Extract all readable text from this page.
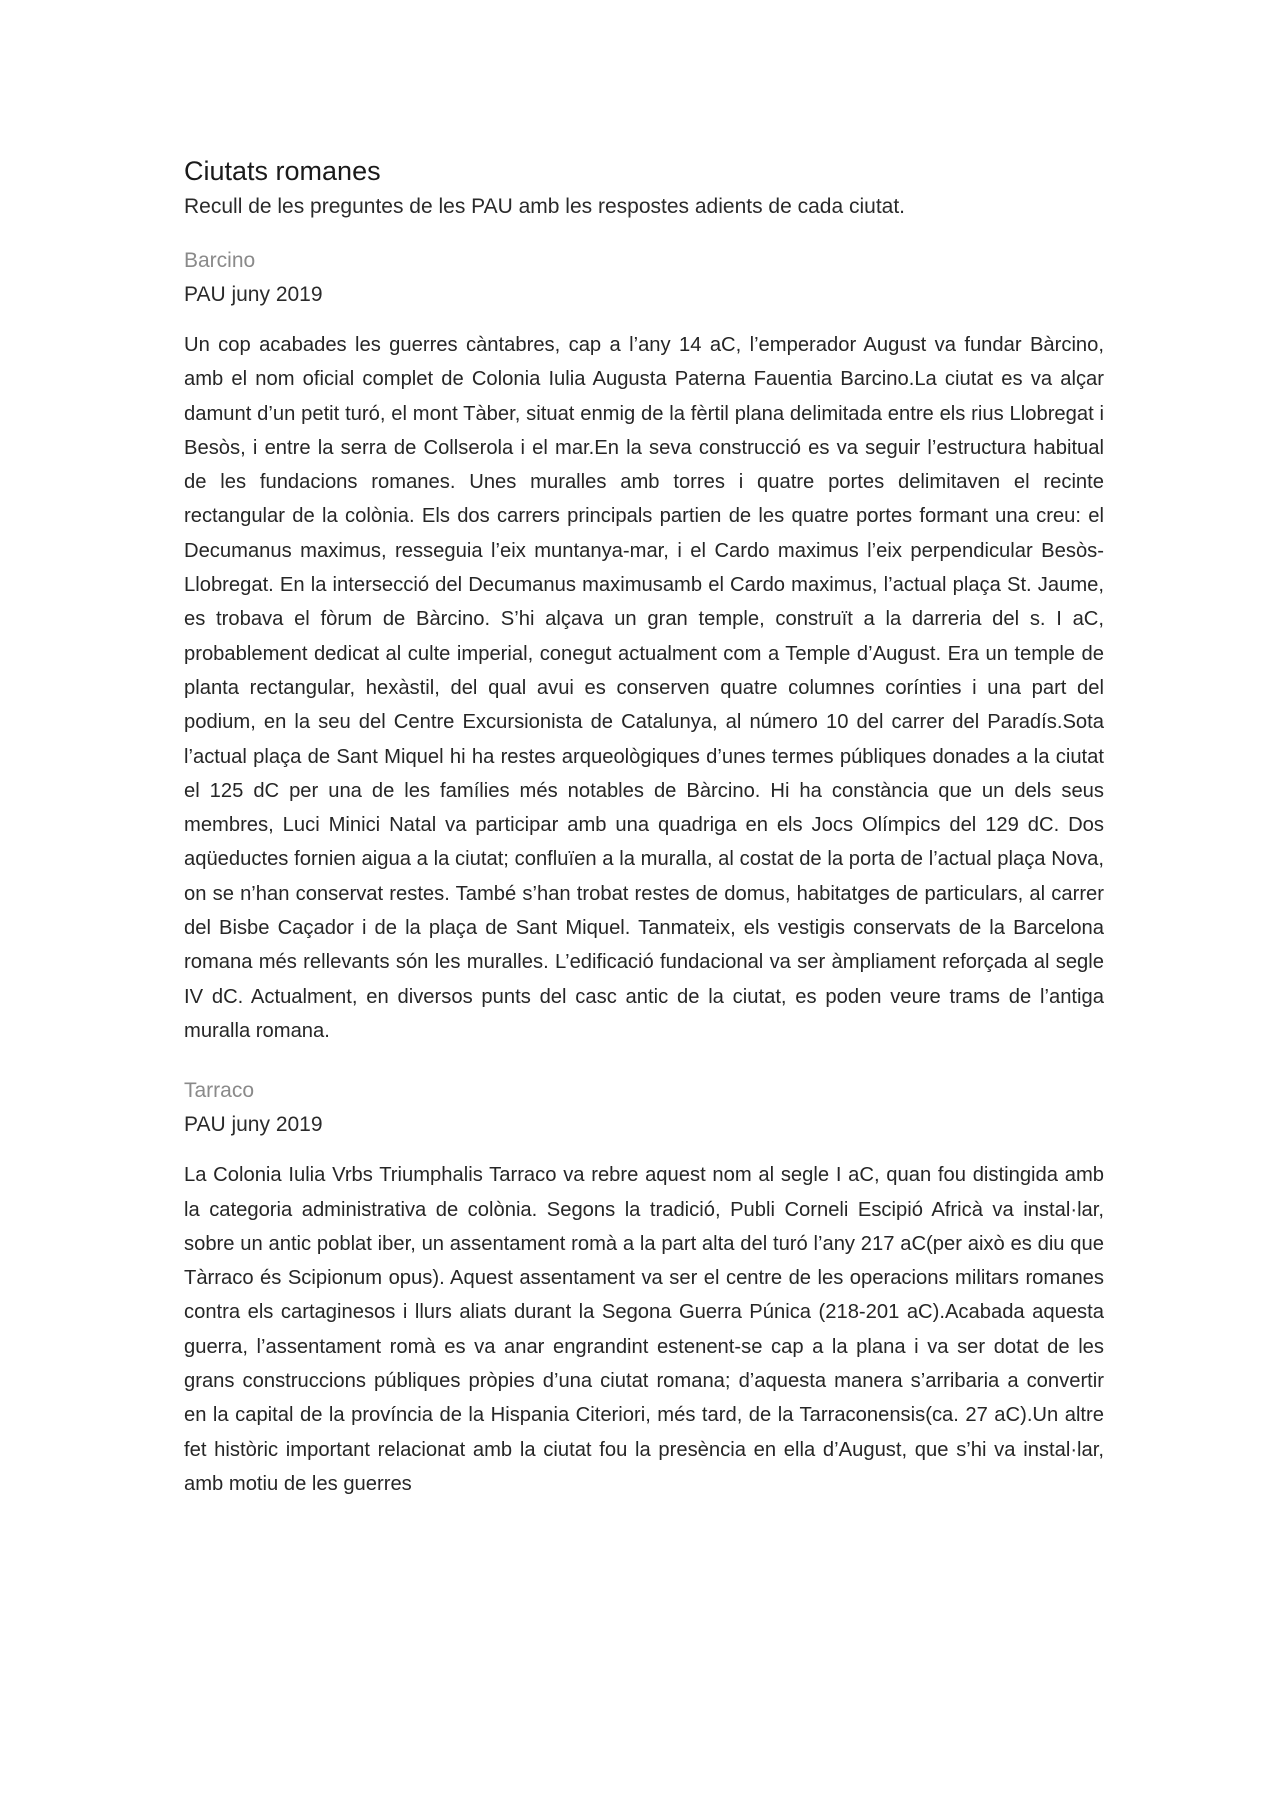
Ciutats romanes

Recull de les preguntes de les PAU amb les respostes adients de cada ciutat.

Barcino

PAU juny 2019

Un cop acabades les guerres càntabres, cap a l’any 14 aC, l’emperador August va fundar Bàrcino, amb el nom oficial complet de Colonia Iulia Augusta Paterna Fauentia Barcino.La ciutat es va alçar damunt d’un petit turó, el mont Tàber, situat enmig de la fèrtil plana delimitada entre els rius Llobregat i Besòs, i entre la serra de Collserola i el mar.En la seva construcció es va seguir l’estructura habitual de les fundacions romanes. Unes muralles amb torres i quatre portes delimitaven el recinte rectangular de la colònia. Els dos carrers principals partien de les quatre portes formant una creu: el Decumanus maximus, resseguia l’eix muntanya-mar, i el Cardo maximus l’eix perpendicular Besòs-Llobregat. En la intersecció del Decumanus maximusamb el Cardo maximus, l’actual plaça St. Jaume, es trobava el fòrum de Bàrcino. S’hi alçava un gran temple, construït a la darreria del s. I aC, probablement dedicat al culte imperial, conegut actualment com a Temple d’August. Era un temple de planta rectangular, hexàstil, del qual avui es conserven quatre columnes corínties i una part del podium, en la seu del Centre Excursionista de Catalunya, al número 10 del carrer del Paradís.Sota l’actual plaça de Sant Miquel hi ha restes arqueològiques d’unes termes públiques donades a la ciutat el 125 dC per una de les famílies més notables de Bàrcino. Hi ha constància que un dels seus membres, Luci Minici Natal va participar amb una quadriga en els Jocs Olímpics del 129 dC. Dos aqüeductes fornien aigua a la ciutat; confluïen a la muralla, al costat de la porta de l’actual plaça Nova, on se n’han conservat restes. També s’han trobat restes de domus, habitatges de particulars, al carrer del Bisbe Caçador i de la plaça de Sant Miquel. Tanmateix, els vestigis conservats de la Barcelona romana més rellevants són les muralles. L’edificació fundacional va ser àmpliament reforçada al segle IV dC. Actualment, en diversos punts del casc antic de la ciutat, es poden veure trams de l’antiga muralla romana.

Tarraco

PAU juny 2019

La Colonia Iulia Vrbs Triumphalis Tarraco va rebre aquest nom al segle I aC, quan fou distingida amb la categoria administrativa de colònia. Segons la tradició, Publi Corneli Escipió Africà va instal·lar, sobre un antic poblat iber, un assentament romà a la part alta del turó l’any 217 aC(per això es diu que Tàrraco és Scipionum opus). Aquest assentament va ser el centre de les operacions militars romanes contra els cartaginesos i llurs aliats durant la Segona Guerra Púnica (218-201 aC).Acabada aquesta guerra, l’assentament romà es va anar engrandint estenent-se cap a la plana i va ser dotat de les grans construccions públiques pròpies d’una ciutat romana; d’aquesta manera s’arribaria a convertir en la capital de la província de la Hispania Citeriori, més tard, de la Tarraconensis(ca. 27 aC).Un altre fet històric important relacionat amb la ciutat fou la presència en ella d’August, que s’hi va instal·lar, amb motiu de les guerres
